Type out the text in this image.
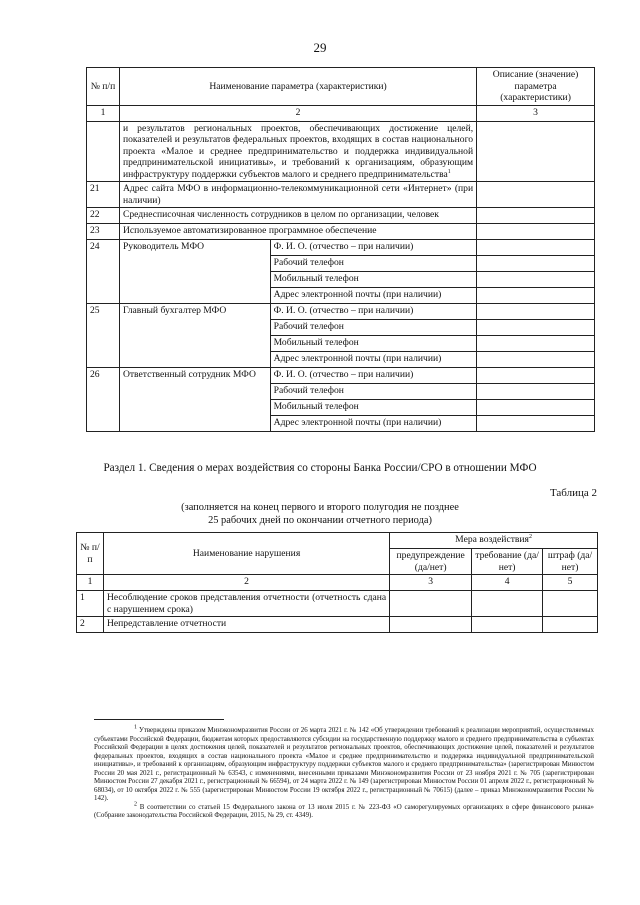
29
№ п/п	Наименование параметра (характеристики)		Описание (значение) параметра (характеристики)
1	2		3
	и результатов региональных проектов, обеспечивающих достижение целей, показателей и результатов федеральных проектов, входящих в состав национального проекта «Малое и среднее предпринимательство и поддержка индивидуальной предпринимательской инициативы», и требований к организациям, образующим инфраструктуру поддержки субъектов малого и среднего предпринимательства$^1$	
21	Адрес сайта МФО в информационно-телекоммуникационной сети «Интернет» (при наличии)		
22	Среднесписочная численность сотрудников в целом по организации, человек		
23	Используемое автоматизированное программное обеспечение		
24	Руководитель МФО	Ф. И. О. (отчество – при наличии)	
		Рабочий телефон	
		Мобильный телефон	
		Адрес электронной почты (при наличии)	
25	Главный бухгалтер МФО	Ф. И. О. (отчество – при наличии)	
		Рабочий телефон	
		Мобильный телефон	
		Адрес электронной почты (при наличии)	
26	Ответственный сотрудник МФО	Ф. И. О. (отчество – при наличии)	
		Рабочий телефон	
		Мобильный телефон	
		Адрес электронной почты (при наличии)	
Раздел 1. Сведения о мерах воздействия со стороны Банка России/СРО в отношении МФО
Таблица 2
(заполняется на конец первого и второго полугодия не позднее
25 рабочих дней по окончании отчетного периода)
№ п/п	Наименование нарушения	Мера воздействия$^2$
		предупреждение (да/нет)	требование (да/нет)	штраф (да/нет)
1	2	3	4	5
1	Несоблюдение сроков представления отчетности (отчетность сдана с нарушением срока)			
2	Непредставление отчетности			

$^1$ Утверждены приказом Минэкономразвития России от 26 марта 2021 г. № 142 «Об утверждении требований к реализации мероприятий, осуществляемых субъектами Российской Федерации, бюджетам которых предоставляются субсидии на государственную поддержку малого и среднего предпринимательства в субъектах Российской Федерации в целях достижения целей, показателей и результатов региональных проектов, обеспечивающих достижение целей, показателей и результатов федеральных проектов, входящих в состав национального проекта «Малое и среднее предпринимательство и поддержка индивидуальной предпринимательской инициативы», и требований к организациям, образующим инфраструктуру поддержки субъектов малого и среднего предпринимательства» (зарегистрирован Минюстом России 20 мая 2021 г., регистрационный № 63543, с изменениями, внесенными приказами Минэкономразвития России от 23 ноября 2021 г. № 705 (зарегистрирован Минюстом России 27 декабря 2021 г., регистрационный № 66594), от 24 марта 2022 г. № 149 (зарегистрирован Минюстом России 01 апреля 2022 г., регистрационный № 68034), от 10 октября 2022 г. № 555 (зарегистрирован Минюстом России 19 октября 2022 г., регистрационный № 70615) (далее – приказ Минэкономразвития России № 142).

$^2$ В соответствии со статьей 15 Федерального закона от 13 июля 2015 г. № 223-ФЗ «О саморегулируемых организациях в сфере финансового рынка» (Собрание законодательства Российской Федерации, 2015, № 29, ст. 4349).
